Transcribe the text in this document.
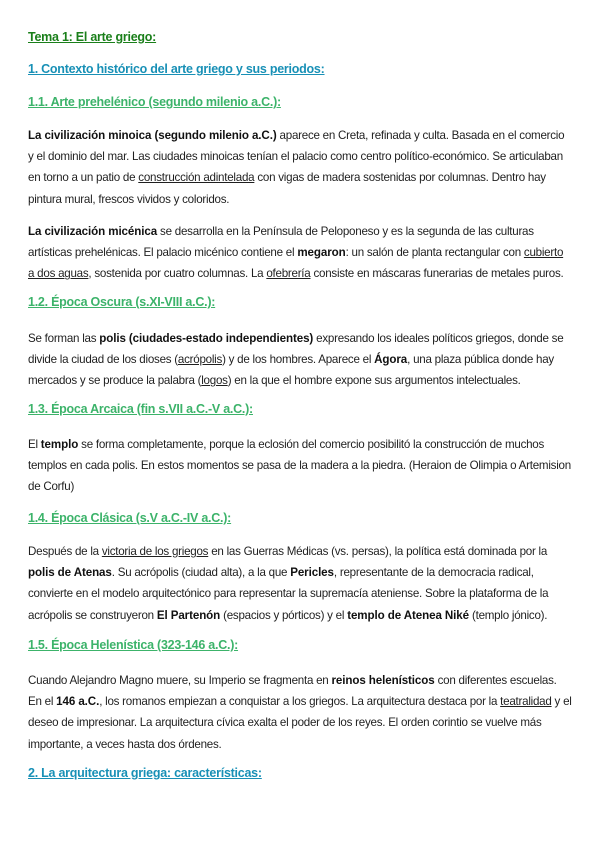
Tema 1: El arte griego:
1. Contexto histórico del arte griego y sus periodos:
1.1. Arte prehelénico (segundo milenio a.C.):
La civilización minoica (segundo milenio a.C.) aparece en Creta, refinada y culta. Basada en el comercio y el dominio del mar. Las ciudades minoicas tenían el palacio como centro político-económico. Se articulaban en torno a un patio de construcción adintelada con vigas de madera sostenidas por columnas. Dentro hay pintura mural, frescos vividos y coloridos.
La civilización micénica se desarrolla en la Península de Peloponeso y es la segunda de las culturas artísticas prehelénicas. El palacio micénico contiene el megaron: un salón de planta rectangular con cubierto a dos aguas, sostenida por cuatro columnas. La ofebrería consiste en máscaras funerarias de metales puros.
1.2. Época Oscura (s.XI-VIII a.C.):
Se forman las polis (ciudades-estado independientes) expresando los ideales políticos griegos, donde se divide la ciudad de los dioses (acrópolis) y de los hombres. Aparece el Ágora, una plaza pública donde hay mercados y se produce la palabra (logos) en la que el hombre expone sus argumentos intelectuales.
1.3. Época Arcaica (fin s.VII a.C.-V a.C.):
El templo se forma completamente, porque la eclosión del comercio posibilitó la construcción de muchos templos en cada polis. En estos momentos se pasa de la madera a la piedra. (Heraion de Olimpia o Artemision de Corfu)
1.4. Época Clásica (s.V a.C.-IV a.C.):
Después de la victoria de los griegos en las Guerras Médicas (vs. persas), la política está dominada por la polis de Atenas. Su acrópolis (ciudad alta), a la que Pericles, representante de la democracia radical, convierte en el modelo arquitectónico para representar la supremacía ateniense. Sobre la plataforma de la acrópolis se construyeron El Partenón (espacios y pórticos) y el templo de Atenea Niké (templo jónico).
1.5. Época Helenística (323-146 a.C.):
Cuando Alejandro Magno muere, su Imperio se fragmenta en reinos helenísticos con diferentes escuelas. En el 146 a.C., los romanos empiezan a conquistar a los griegos. La arquitectura destaca por la teatralidad y el deseo de impresionar. La arquitectura cívica exalta el poder de los reyes. El orden corintio se vuelve más importante, a veces hasta dos órdenes.
2. La arquitectura griega: características:
